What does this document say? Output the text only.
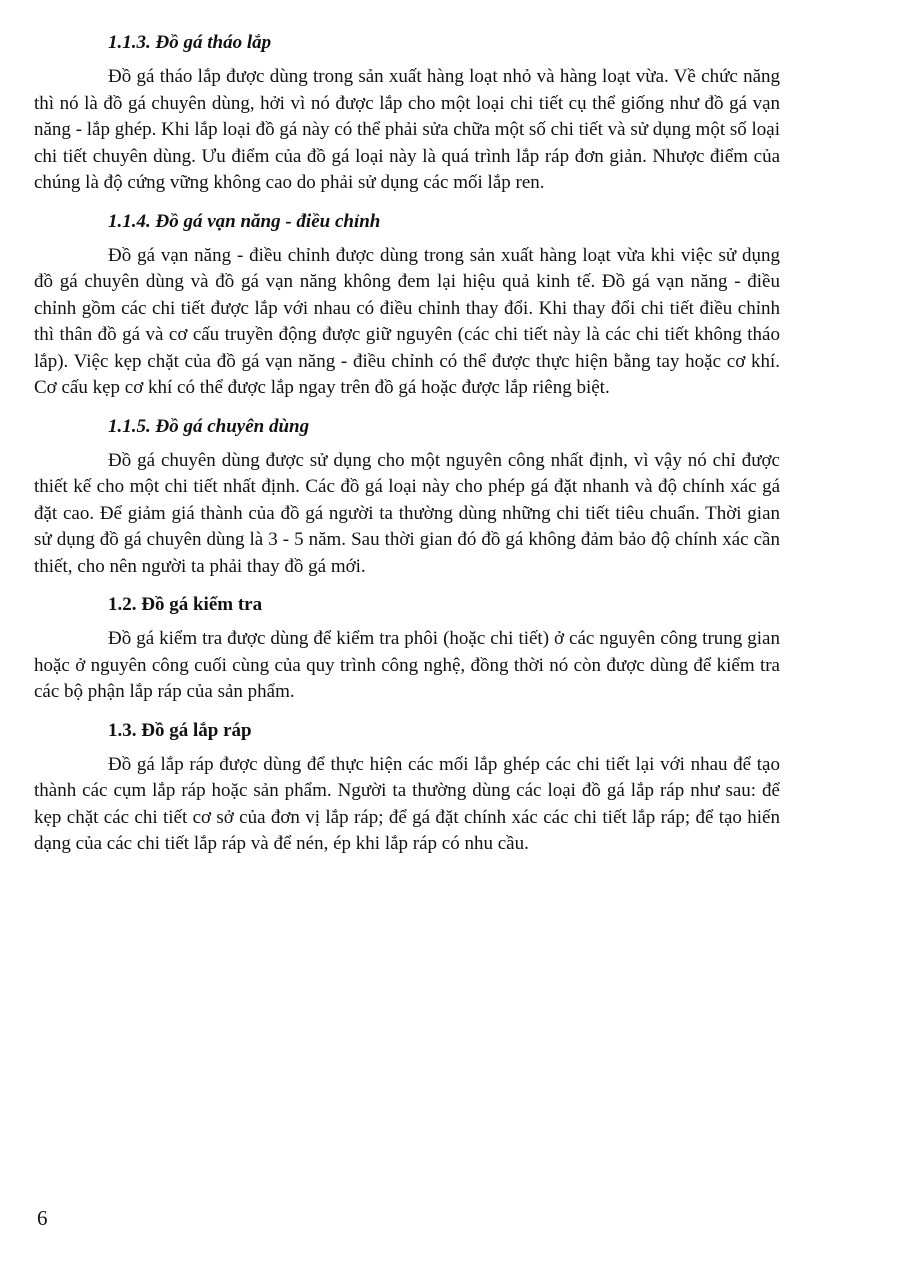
1.1.3. Đồ gá tháo lắp
Đồ gá tháo lắp được dùng trong sản xuất hàng loạt nhỏ và hàng loạt vừa. Về chức năng thì nó là đồ gá chuyên dùng, hởi vì nó được lắp cho một loại chi tiết cụ thể giống như đồ gá vạn năng - lắp ghép. Khi lắp loại đồ gá này có thể phải sửa chữa một số chi tiết và sử dụng một số loại chi tiết chuyên dùng. Ưu điểm của đồ gá loại này là quá trình lắp ráp đơn giản. Nhược điểm của chúng là độ cứng vững không cao do phải sử dụng các mối lắp ren.
1.1.4. Đồ gá vạn năng - điều chỉnh
Đồ gá vạn năng - điều chỉnh được dùng trong sản xuất hàng loạt vừa khi việc sử dụng đồ gá chuyên dùng và đồ gá vạn năng không đem lại hiệu quả kinh tế. Đồ gá vạn năng - điều chỉnh gồm các chi tiết được lắp với nhau có điều chỉnh thay đổi. Khi thay đổi chi tiết điều chỉnh thì thân đồ gá và cơ cấu truyền động được giữ nguyên (các chi tiết này là các chi tiết không tháo lắp). Việc kẹp chặt của đồ gá vạn năng - điều chỉnh có thể được thực hiện bằng tay hoặc cơ khí. Cơ cấu kẹp cơ khí có thể được lắp ngay trên đồ gá hoặc được lắp riêng biệt.
1.1.5. Đồ gá chuyên dùng
Đồ gá chuyên dùng được sử dụng cho một nguyên công nhất định, vì vậy nó chỉ được thiết kế cho một chi tiết nhất định. Các đồ gá loại này cho phép gá đặt nhanh và độ chính xác gá đặt cao. Để giảm giá thành của đồ gá người ta thường dùng những chi tiết tiêu chuẩn. Thời gian sử dụng đồ gá chuyên dùng là 3 - 5 năm. Sau thời gian đó đồ gá không đảm bảo độ chính xác cần thiết, cho nên người ta phải thay đồ gá mới.
1.2. Đồ gá kiểm tra
Đồ gá kiểm tra được dùng để kiểm tra phôi (hoặc chi tiết) ở các nguyên công trung gian hoặc ở nguyên công cuối cùng của quy trình công nghệ, đồng thời nó còn được dùng để kiểm tra các bộ phận lắp ráp của sản phẩm.
1.3. Đồ gá lắp ráp
Đồ gá lắp ráp được dùng để thực hiện các mối lắp ghép các chi tiết lại với nhau để tạo thành các cụm lắp ráp hoặc sản phẩm. Người ta thường dùng các loại đồ gá lắp ráp như sau: để kẹp chặt các chi tiết cơ sở của đơn vị lắp ráp; để gá đặt chính xác các chi tiết lắp ráp; để tạo hiến dạng của các chi tiết lắp ráp và để nén, ép khi lắp ráp có nhu cầu.
6
